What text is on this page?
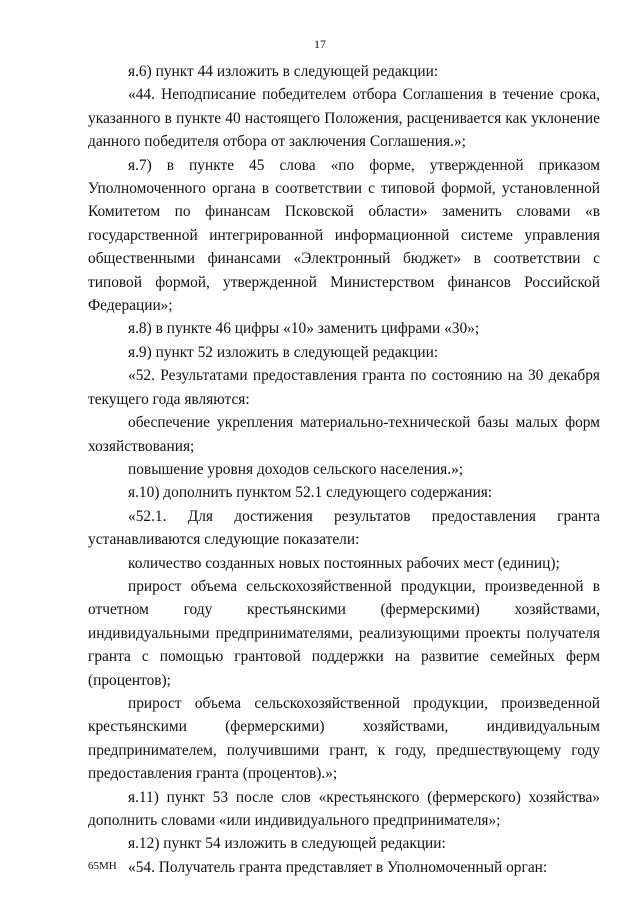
17

я.6) пункт 44 изложить в следующей редакции:

«44. Неподписание победителем отбора Соглашения в течение срока, указанного в пункте 40 настоящего Положения, расценивается как уклонение данного победителя отбора от заключения Соглашения.»;

я.7) в пункте 45 слова «по форме, утвержденной приказом Уполномоченного органа в соответствии с типовой формой, установленной Комитетом по финансам Псковской области» заменить словами «в государственной интегрированной информационной системе управления общественными финансами «Электронный бюджет» в соответствии с типовой формой, утвержденной Министерством финансов Российской Федерации»;

я.8) в пункте 46 цифры «10» заменить цифрами «30»;

я.9) пункт 52 изложить в следующей редакции:

«52. Результатами предоставления гранта по состоянию на 30 декабря текущего года являются:

обеспечение укрепления материально-технической базы малых форм хозяйствования;

повышение уровня доходов сельского населения.»;

я.10) дополнить пунктом 52.1 следующего содержания:

«52.1. Для достижения результатов предоставления гранта устанавливаются следующие показатели:

количество созданных новых постоянных рабочих мест (единиц);

прирост объема сельскохозяйственной продукции, произведенной в отчетном году крестьянскими (фермерскими) хозяйствами, индивидуальными предпринимателями, реализующими проекты получателя гранта с помощью грантовой поддержки на развитие семейных ферм (процентов);

прирост объема сельскохозяйственной продукции, произведенной крестьянскими (фермерскими) хозяйствами, индивидуальным предпринимателем, получившими грант, к году, предшествующему году предоставления гранта (процентов).»;

я.11) пункт 53 после слов «крестьянского (фермерского) хозяйства» дополнить словами «или индивидуального предпринимателя»;

я.12) пункт 54 изложить в следующей редакции:

«54. Получатель гранта представляет в Уполномоченный орган:

65МН
